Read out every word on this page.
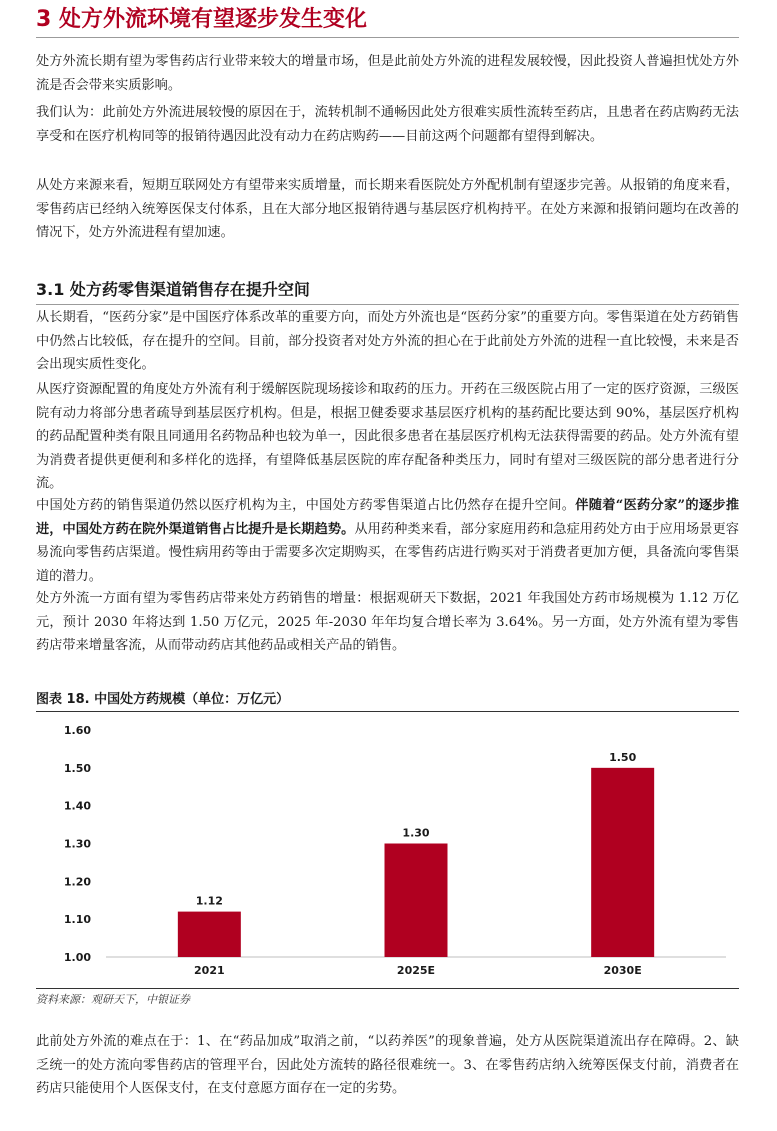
3 处方外流环境有望逐步发生变化

处方外流长期有望为零售药店行业带来较大的增量市场，但是此前处方外流的进程发展较慢，因此投资人普遍担忧处方外流是否会带来实质影响。

我们认为：此前处方外流进展较慢的原因在于，流转机制不通畅因此处方很难实质性流转至药店，且患者在药店购药无法享受和在医疗机构同等的报销待遇因此没有动力在药店购药——目前这两个问题都有望得到解决。

从处方来源来看，短期互联网处方有望带来实质增量，而长期来看医院处方外配机制有望逐步完善。从报销的角度来看，零售药店已经纳入统筹医保支付体系，且在大部分地区报销待遇与基层医疗机构持平。在处方来源和报销问题均在改善的情况下，处方外流进程有望加速。

3.1 处方药零售渠道销售存在提升空间

从长期看，“医药分家”是中国医疗体系改革的重要方向，而处方外流也是“医药分家”的重要方向。零售渠道在处方药销售中仍然占比较低，存在提升的空间。目前，部分投资者对处方外流的担心在于此前处方外流的进程一直比较慢，未来是否会出现实质性变化。

从医疗资源配置的角度处方外流有利于缓解医院现场接诊和取药的压力。开药在三级医院占用了一定的医疗资源，三级医院有动力将部分患者疏导到基层医疗机构。但是，根据卫健委要求基层医疗机构的基药配比要达到 90%，基层医疗机构的药品配置种类有限且同通用名药物品种也较为单一，因此很多患者在基层医疗机构无法获得需要的药品。处方外流有望为消费者提供更便利和多样化的选择，有望降低基层医院的库存配备种类压力，同时有望对三级医院的部分患者进行分流。

中国处方药的销售渠道仍然以医疗机构为主，中国处方药零售渠道占比仍然存在提升空间。伴随着“医药分家”的逐步推进，中国处方药在院外渠道销售占比提升是长期趋势。从用药种类来看，部分家庭用药和急症用药处方由于应用场景更容易流向零售药店渠道。慢性病用药等由于需要多次定期购买，在零售药店进行购买对于消费者更加方便，具备流向零售渠道的潜力。

处方外流一方面有望为零售药店带来处方药销售的增量：根据观研天下数据，2021 年我国处方药市场规模为 1.12 万亿元，预计 2030 年将达到 1.50 万亿元，2025 年-2030 年年均复合增长率为 3.64%。另一方面，处方外流有望为零售药店带来增量客流，从而带动药店其他药品或相关产品的销售。

图表 18. 中国处方药规模（单位：万亿元）
1.00
1.10
1.20
1.30
1.40
1.50
1.60
1.12
2021
1.30
2025E
1.50
2030E
资料来源：观研天下，中银证券

此前处方外流的难点在于：1、在“药品加成”取消之前，“以药养医”的现象普遍，处方从医院渠道流出存在障碍。2、缺乏统一的处方流向零售药店的管理平台，因此处方流转的路径很难统一。3、在零售药店纳入统筹医保支付前，消费者在药店只能使用个人医保支付，在支付意愿方面存在一定的劣势。
